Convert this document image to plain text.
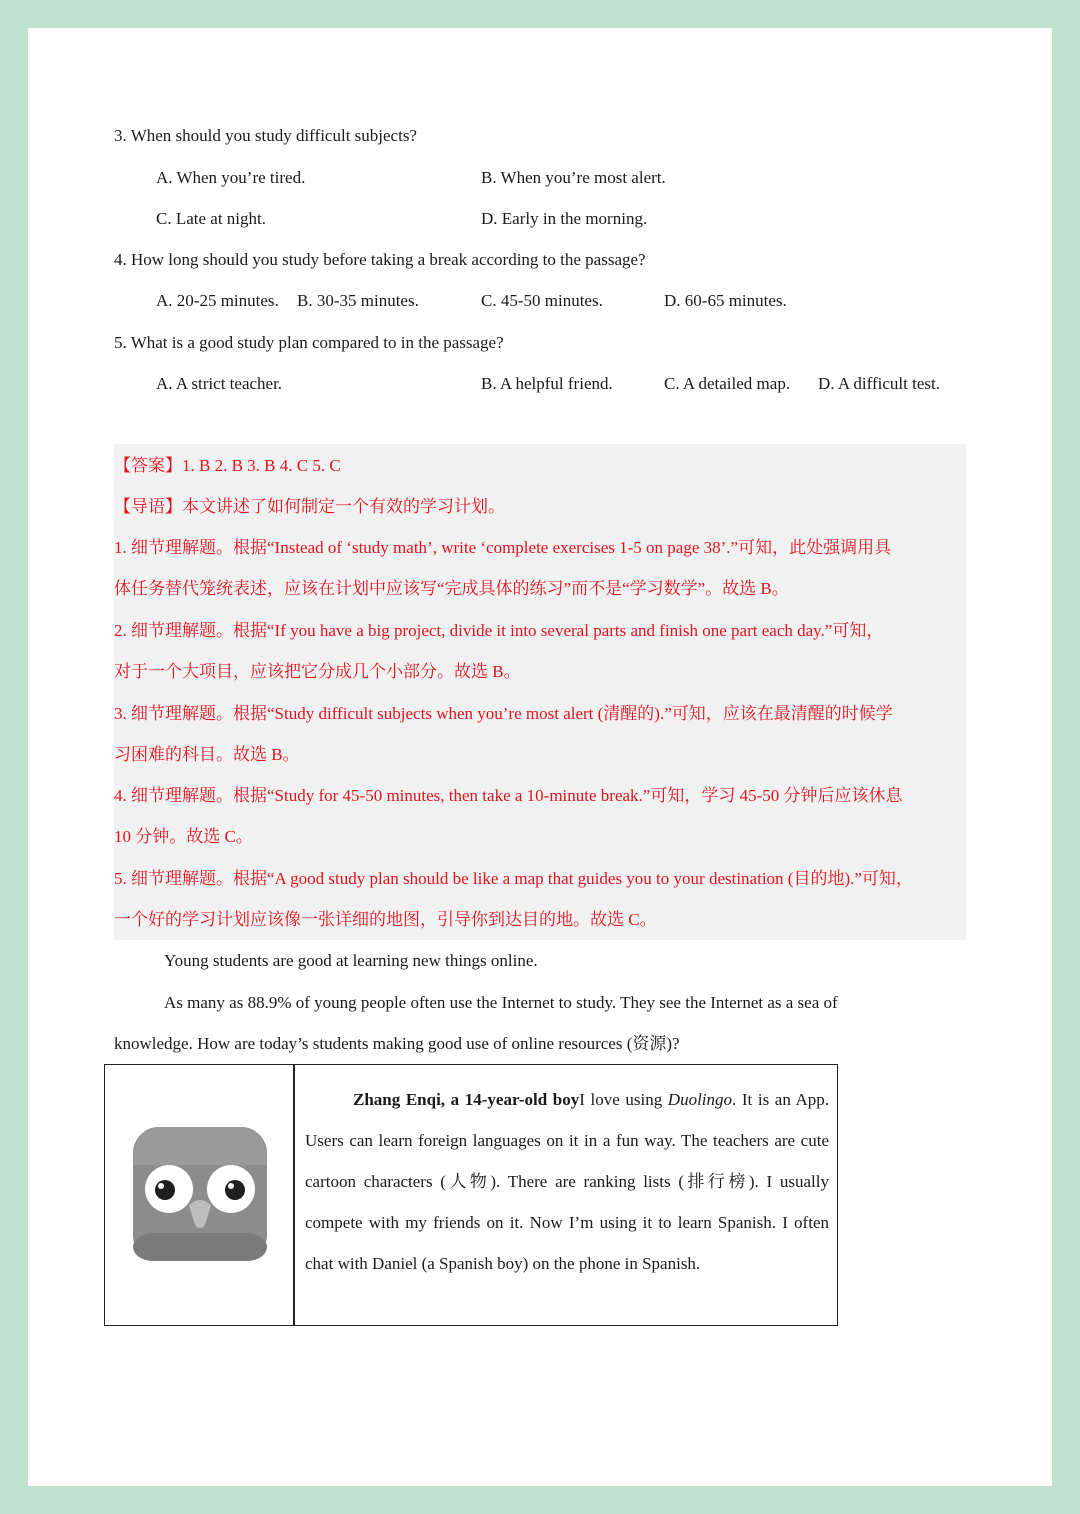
3. When should you study difficult subjects?
A. When you’re tired.	B. When you’re most alert.
C. Late at night.	D. Early in the morning.
4. How long should you study before taking a break according to the passage?
A. 20-25 minutes. B. 30-35 minutes.	C. 45-50 minutes.	D. 60-65 minutes.
5. What is a good study plan compared to in the passage?
A. A strict teacher.	B. A helpful friend.	C. A detailed map. D. A difficult test.
【答案】1. B 2. B 3. B 4. C 5. C
【导语】本文讲述了如何制定一个有效的学习计划。
1. 细节理解题。根据“Instead of ‘study math’, write ‘complete exercises 1-5 on page 38’.”可知，此处强调用具
体任务替代笼统表述，应该在计划中应该写“完成具体的练习”而不是“学习数学”。故选 B。
2. 细节理解题。根据“If you have a big project, divide it into several parts and finish one part each day.”可知，
对于一个大项目，应该把它分成几个小部分。故选 B。
3. 细节理解题。根据“Study difficult subjects when you’re most alert (清醒的).”可知，应该在最清醒的时候学
习困难的科目。故选 B。
4. 细节理解题。根据“Study for 45-50 minutes, then take a 10-minute break.”可知，学习 45-50 分钟后应该休息
10 分钟。故选 C。
5. 细节理解题。根据“A good study plan should be like a map that guides you to your destination (目的地).”可知，
一个好的学习计划应该像一张详细的地图，引导你到达目的地。故选 C。
Young students are good at learning new things online.
As many as 88.9% of young people often use the Internet to study. They see the Internet as a sea of
knowledge. How are today’s students making good use of online resources (资源)?
Zhang Enqi, a 14-year-old boyI love using Duolingo. It is an App. Users can learn foreign languages on it in a fun way. The teachers are cute cartoon characters (人物). There are ranking lists (排行榜). I usually compete with my friends on it. Now I’m using it to learn Spanish. I often chat with Daniel (a Spanish boy) on the phone in Spanish.
